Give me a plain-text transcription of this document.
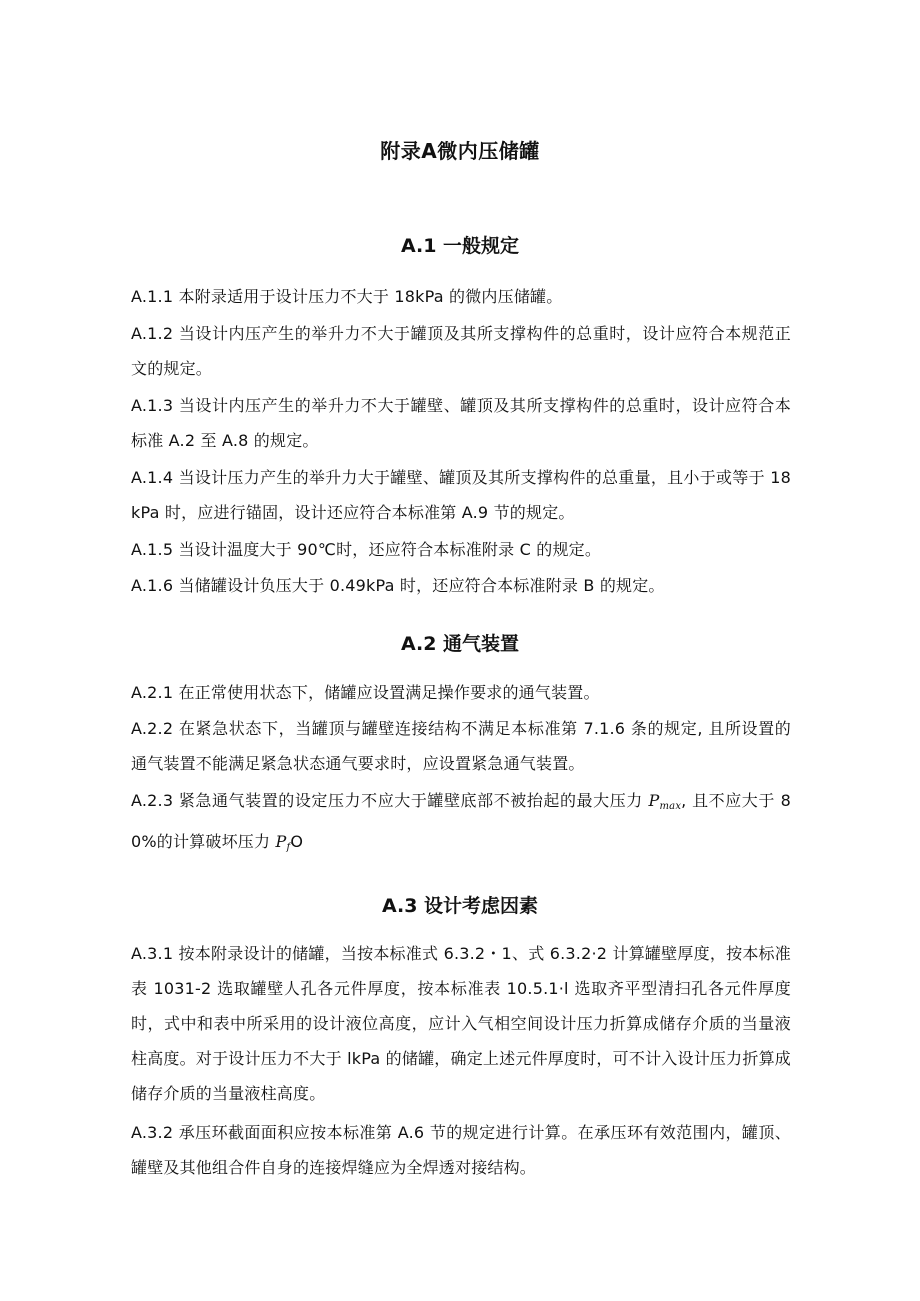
附录A微内压储罐
A.1 一般规定
A.1.1 本附录适用于设计压力不大于 18kPa 的微内压储罐。
A.1.2 当设计内压产生的举升力不大于罐顶及其所支撑构件的总重时，设计应符合本规范正文的规定。
A.1.3 当设计内压产生的举升力不大于罐壁、罐顶及其所支撑构件的总重时，设计应符合本标准 A.2 至 A.8 的规定。
A.1.4 当设计压力产生的举升力大于罐壁、罐顶及其所支撑构件的总重量，且小于或等于 18kPa 时，应进行锚固，设计还应符合本标准第 A.9 节的规定。
A.1.5 当设计温度大于 90℃时，还应符合本标准附录 C 的规定。
A.1.6 当储罐设计负压大于 0.49kPa 时，还应符合本标准附录 B 的规定。
A.2 通气装置
A.2.1 在正常使用状态下，储罐应设置满足操作要求的通气装置。
A.2.2 在紧急状态下，当罐顶与罐壁连接结构不满足本标准第 7.1.6 条的规定, 且所设置的通气装置不能满足紧急状态通气要求时，应设置紧急通气装置。
A.2.3 紧急通气装置的设定压力不应大于罐壁底部不被抬起的最大压力 $P_{max}$, 且不应大于 80%的计算破坏压力 $P_fO$
A.3 设计考虑因素
A.3.1 按本附录设计的储罐，当按本标准式 6.3.2・1、式 6.3.2·2 计算罐壁厚度，按本标准表 1031-2 选取罐壁人孔各元件厚度，按本标准表 10.5.1·l 选取齐平型清扫孔各元件厚度时，式中和表中所采用的设计液位高度，应计入气相空间设计压力折算成储存介质的当量液柱高度。对于设计压力不大于 lkPa 的储罐，确定上述元件厚度时，可不计入设计压力折算成储存介质的当量液柱高度。
A.3.2 承压环截面面积应按本标准第 A.6 节的规定进行计算。在承压环有效范围内，罐顶、罐壁及其他组合件自身的连接焊缝应为全焊透对接结构。
